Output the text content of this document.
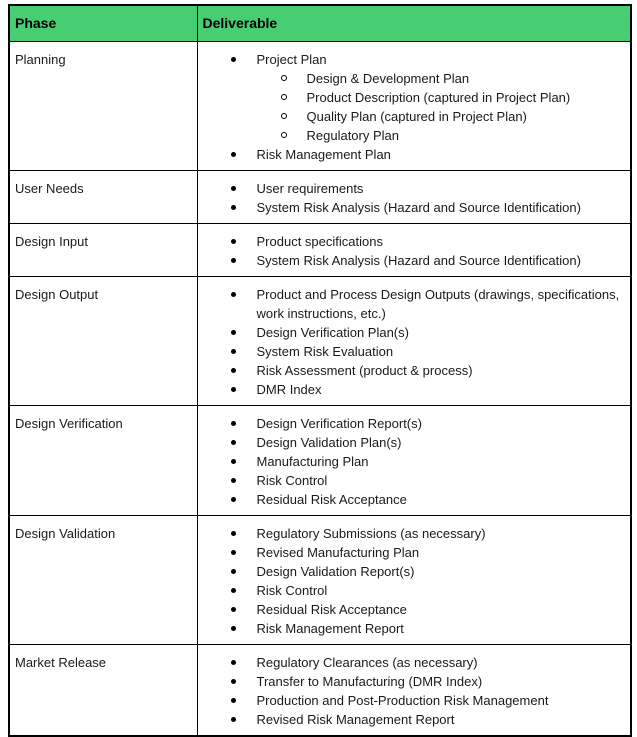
Phase	Deliverable
Planning	Project Plan
Design & Development Plan
Product Description (captured in Project Plan)
Quality Plan (captured in Project Plan)
Regulatory Plan
Risk Management Plan

User Needs	User requirements
System Risk Analysis (Hazard and Source Identification)

Design Input	Product specifications
System Risk Analysis (Hazard and Source Identification)

Design Output	Product and Process Design Outputs (drawings, specifications, work instructions, etc.)
Design Verification Plan(s)
System Risk Evaluation
Risk Assessment (product & process)
DMR Index

Design Verification	Design Verification Report(s)
Design Validation Plan(s)
Manufacturing Plan
Risk Control
Residual Risk Acceptance

Design Validation	Regulatory Submissions (as necessary)
Revised Manufacturing Plan
Design Validation Report(s)
Risk Control
Residual Risk Acceptance
Risk Management Report

Market Release	Regulatory Clearances (as necessary)
Transfer to Manufacturing (DMR Index)
Production and Post-Production Risk Management
Revised Risk Management Report
